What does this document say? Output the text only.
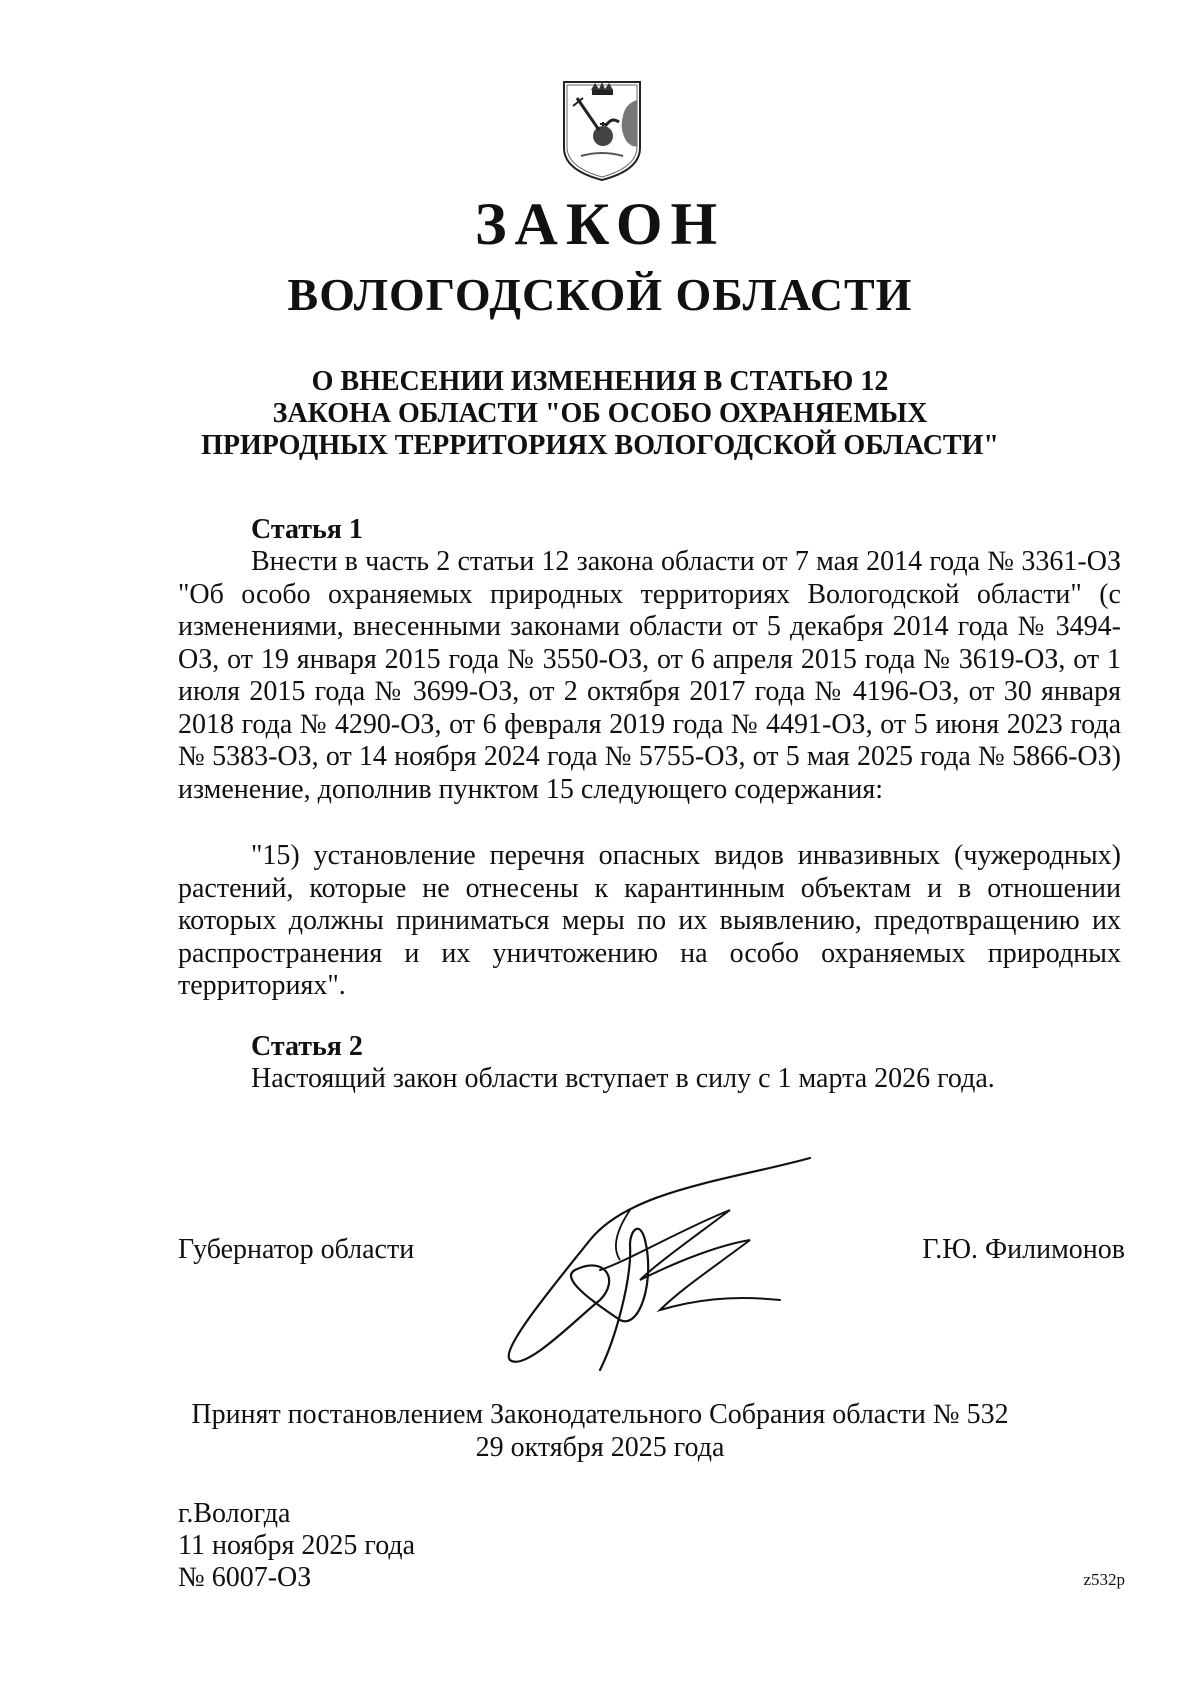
ЗАКОН
ВОЛОГОДСКОЙ ОБЛАСТИ
О ВНЕСЕНИИ ИЗМЕНЕНИЯ В СТАТЬЮ 12
ЗАКОНА ОБЛАСТИ "ОБ ОСОБО ОХРАНЯЕМЫХ
ПРИРОДНЫХ ТЕРРИТОРИЯХ ВОЛОГОДСКОЙ ОБЛАСТИ"
Статья 1
Внести в часть 2 статьи 12 закона области от 7 мая 2014 года № 3361-ОЗ "Об особо охраняемых природных территориях Вологодской области" (с изменениями, внесенными законами области от 5 декабря 2014 года № 3494-ОЗ, от 19 января 2015 года № 3550-ОЗ, от 6 апреля 2015 года № 3619-ОЗ, от 1 июля 2015 года № 3699-ОЗ, от 2 октября 2017 года № 4196-ОЗ, от 30 января 2018 года № 4290-ОЗ, от 6 февраля 2019 года № 4491-ОЗ, от 5 июня 2023 года № 5383-ОЗ, от 14 ноября 2024 года № 5755-ОЗ, от 5 мая 2025 года № 5866-ОЗ) изменение, дополнив пунктом 15 следующего содержания:
"15) установление перечня опасных видов инвазивных (чужеродных) растений, которые не отнесены к карантинным объектам и в отношении которых должны приниматься меры по их выявлению, предотвращению их распространения и их уничтожению на особо охраняемых природных территориях".
Статья 2
Настоящий закон области вступает в силу с 1 марта 2026 года.
Губернатор области	Г.Ю. Филимонов
Принят постановлением Законодательного Собрания области № 532
29 октября 2025 года
г.Вологда
11 ноября 2025 года
№ 6007-ОЗ	z532p
